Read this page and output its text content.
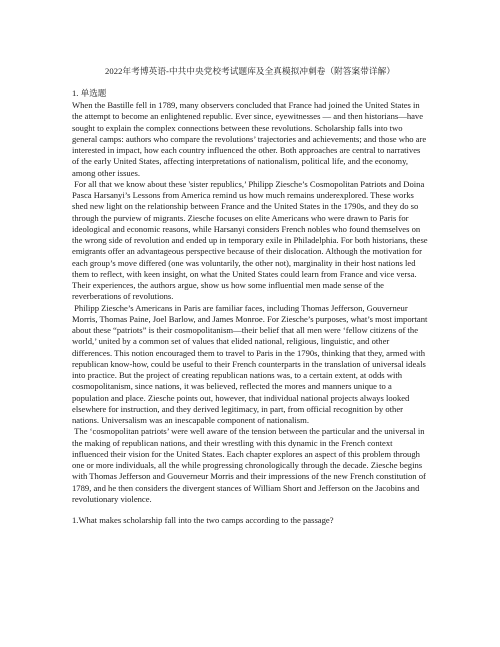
2022年考博英语-中共中央党校考试题库及全真模拟冲刺卷（附答案带详解）
1. 单选题

When the Bastille fell in 1789, many observers concluded that France had joined the United States in the attempt to become an enlightened republic. Ever since, eyewitnesses — and then historians—have sought to explain the complex connections between these revolutions. Scholarship falls into two general camps: authors who compare the revolutions’ trajectories and achievements; and those who are interested in impact, how each country influenced the other. Both approaches are central to narratives of the early United States, affecting interpretations of nationalism, political life, and the economy, among other issues.

For all that we know about these 'sister republics,’ Philipp Ziesche’s Cosmopolitan Patriots and Doina Pasca Harsanyi’s Lessons from America remind us how much remains underexplored. These works shed new light on the relationship between France and the United States in the 1790s, and they do so through the purview of migrants. Ziesche focuses on elite Americans who were drawn to Paris for ideological and economic reasons, while Harsanyi considers French nobles who found themselves on the wrong side of revolution and ended up in temporary exile in Philadelphia. For both historians, these emigrants offer an advantageous perspective because of their dislocation. Although the motivation for each group’s move differed (one was voluntarily, the other not), marginality in their host nations led them to reflect, with keen insight, on what the United States could learn from France and vice versa. Their experiences, the authors argue, show us how some influential men made sense of the reverberations of revolutions.

Philipp Ziesche’s Americans in Paris are familiar faces, including Thomas Jefferson, Gouverneur Morris, Thomas Paine, Joel Barlow, and James Monroe. For Ziesche’s purposes, what’s most important about these “patriots” is their cosmopolitanism—their belief that all men were ‘fellow citizens of the world,’ united by a common set of values that elided national, religious, linguistic, and other differences. This notion encouraged them to travel to Paris in the 1790s, thinking that they, armed with republican know-how, could be useful to their French counterparts in the translation of universal ideals into practice. But the project of creating republican nations was, to a certain extent, at odds with cosmopolitanism, since nations, it was believed, reflected the mores and manners unique to a population and place. Ziesche points out, however, that individual national projects always looked elsewhere for instruction, and they derived legitimacy, in part, from official recognition by other nations. Universalism was an inescapable component of nationalism.

The ‘cosmopolitan patriots’ were well aware of the tension between the particular and the universal in the making of republican nations, and their wrestling with this dynamic in the French context influenced their vision for the United States. Each chapter explores an aspect of this problem through one or more individuals, all the while progressing chronologically through the decade. Ziesche begins with Thomas Jefferson and Gouverneur Morris and their impressions of the new French constitution of 1789, and he then considers the divergent stances of William Short and Jefferson on the Jacobins and revolutionary violence.

1.What makes scholarship fall into the two camps according to the passage?
